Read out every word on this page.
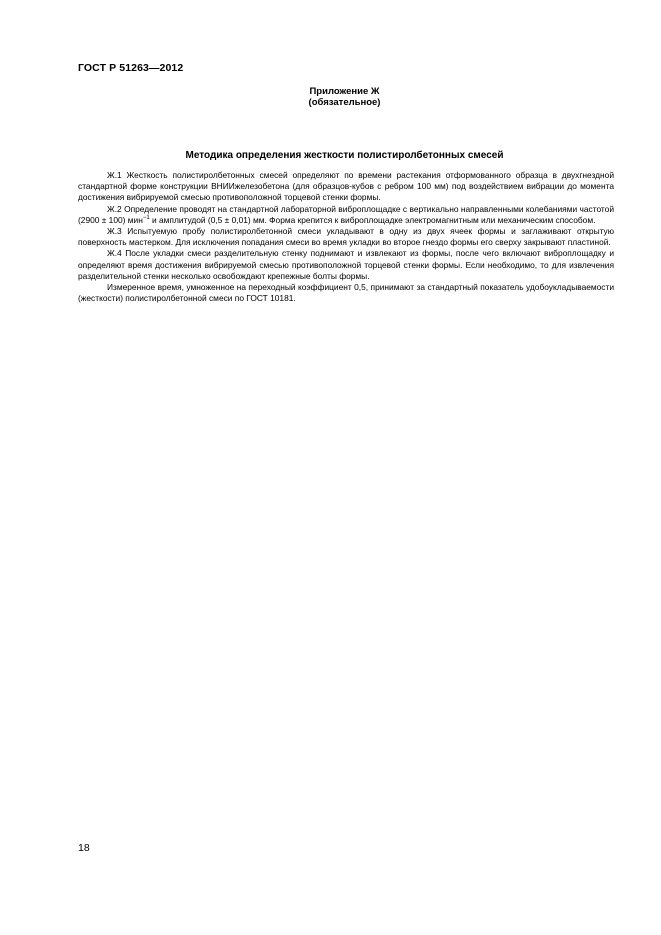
ГОСТ Р 51263—2012
Приложение Ж
(обязательное)
Методика определения жесткости полистиролбетонных смесей

Ж.1 Жесткость полистиролбетонных смесей определяют по времени растекания отформованного образца в двухгнездной стандартной форме конструкции ВНИИжелезобетона (для образцов-кубов с ребром 100 мм) под воздействием вибрации до момента достижения вибрируемой смесью противоположной торцевой стенки формы.

Ж.2 Определение проводят на стандартной лабораторной виброплощадке с вертикально направленными колебаниями частотой (2900 ± 100) мин$^{-1}$ и амплитудой (0,5 ± 0,01) мм. Форма крепится к виброплощадке электромагнитным или механическим способом.

Ж.3 Испытуемую пробу полистиролбетонной смеси укладывают в одну из двух ячеек формы и заглаживают открытую поверхность мастерком. Для исключения попадания смеси во время укладки во второе гнездо формы его сверху закрывают пластиной.

Ж.4 После укладки смеси разделительную стенку поднимают и извлекают из формы, после чего включают виброплощадку и определяют время достижения вибрируемой смесью противоположной торцевой стенки формы. Если необходимо, то для извлечения разделительной стенки несколько освобождают крепежные болты формы.

Измеренное время, умноженное на переходный коэффициент 0,5, принимают за стандартный показатель удобоукладываемости (жесткости) полистиролбетонной смеси по ГОСТ 10181.

18
